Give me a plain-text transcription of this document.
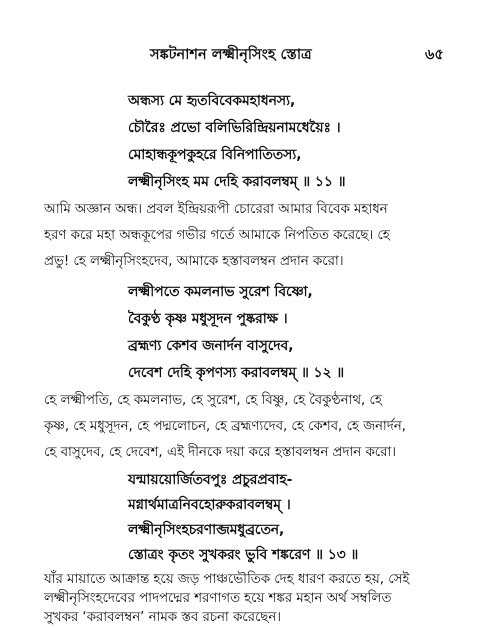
সঙ্কটনাশন লক্ষ্মীনৃসিংহ স্তোত্র	৬৫
অন্ধস্য মে হৃতবিবেকমহাধনস্য,
চৌরৈঃ প্রভো বলিভিরিন্দ্রিয়নামধেয়ৈঃ ।
মোহান্ধকূপকুহরে বিনিপাতিতস্য,
লক্ষ্মীনৃসিংহ মম দেহি করাবলম্বম্ ॥ ১১ ॥
আমি অজ্ঞান অন্ধ। প্রবল ইন্দ্রিয়রূপী চোরেরা আমার বিবেক মহাধন
হরণ করে মহা অন্ধকূপের গভীর গর্তে আমাকে নিপতিত করেছে। হে
প্রভু! হে লক্ষ্মীনৃসিংহদেব, আমাকে হস্তাবলম্বন প্রদান করো।
লক্ষ্মীপতে কমলনাভ সুরেশ বিষ্ণো,
বৈকুণ্ঠ কৃষ্ণ মধুসূদন পুষ্করাক্ষ ।
ব্রহ্মণ্য কেশব জনার্দন বাসুদেব,
দেবেশ দেহি কৃপণস্য করাবলম্বম্ ॥ ১২ ॥
হে লক্ষ্মীপতি, হে কমলনাভ, হে সুরেশ, হে বিষ্ণু, হে বৈকুণ্ঠনাথ, হে
কৃষ্ণ, হে মধুসূদন, হে পদ্মলোচন, হে ব্রহ্মণ্যদেব, হে কেশব, হে জনার্দন,
হে বাসুদেব, হে দেবেশ, এই দীনকে দয়া করে হস্তাবলম্বন প্রদান করো।
যন্মায়য়োর্জিতবপুঃ প্রচুরপ্রবাহ-
মগ্নার্থমাত্রনিবহোরুকরাবলম্বম্ ।
লক্ষ্মীনৃসিংহচরণাব্জমধুব্রতেন,
স্তোত্রং কৃতং সুখকরং ভুবি শঙ্করেণ ॥ ১৩ ॥
যাঁর মায়াতে আক্রান্ত হয়ে জড় পাঞ্চভৌতিক দেহ ধারণ করতে হয়, সেই
লক্ষ্মীনৃসিংহদেবের পাদপদ্মের শরণাগত হয়ে শঙ্কর মহান অর্থ সম্বলিত
সুখকর ‘করাবলম্বন’ নামক স্তব রচনা করেছেন।
